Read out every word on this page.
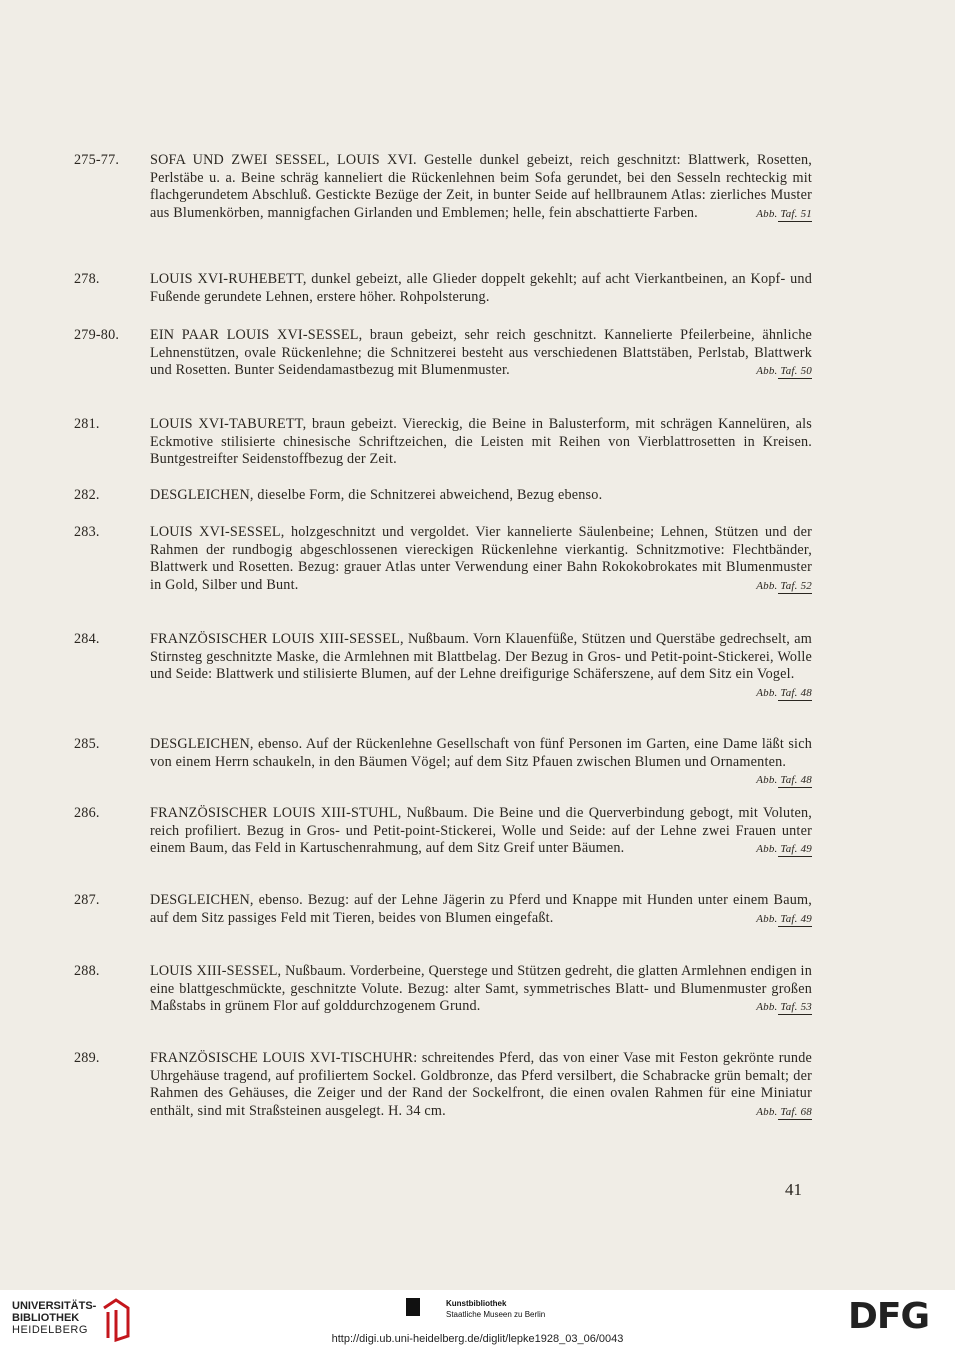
275-77. SOFA UND ZWEI SESSEL, LOUIS XVI. Gestelle dunkel gebeizt, reich geschnitzt: Blattwerk, Rosetten, Perlstäbe u. a. Beine schräg kanneliert die Rückenlehnen beim Sofa gerundet, bei den Sesseln rechteckig mit flachgerundetem Abschluß. Gestickte Bezüge der Zeit, in bunter Seide auf hellbraunem Atlas: zierliches Muster aus Blumenkörben, mannigfachen Girlanden und Emblemen; helle, fein abschattierte Farben.	Abb. Taf. 51

278.	LOUIS XVI-RUHEBETT, dunkel gebeizt, alle Glieder doppelt gekehlt; auf acht Vierkantbeinen, an Kopf- und Fußende gerundete Lehnen, erstere höher. Rohpolsterung.

279-80. EIN PAAR LOUIS XVI-SESSEL, braun gebeizt, sehr reich geschnitzt. Kannelierte Pfeilerbeine, ähnliche Lehnenstützen, ovale Rückenlehne; die Schnitzerei besteht aus verschiedenen Blattstäben, Perlstab, Blattwerk und Rosetten. Bunter Seidendamastbezug mit Blumenmuster.	Abb. Taf. 50

281.	LOUIS XVI-TABURETT, braun gebeizt. Viereckig, die Beine in Balusterform, mit schrägen Kannelüren, als Eckmotive stilisierte chinesische Schriftzeichen, die Leisten mit Reihen von Vierblattrosetten in Kreisen. Buntgestreifter Seidenstoffbezug der Zeit.

282.	DESGLEICHEN, dieselbe Form, die Schnitzerei abweichend, Bezug ebenso.

283.	LOUIS XVI-SESSEL, holzgeschnitzt und vergoldet. Vier kannelierte Säulenbeine; Lehnen, Stützen und der Rahmen der rundbogig abgeschlossenen viereckigen Rückenlehne vierkantig. Schnitzmotive: Flechtbänder, Blattwerk und Rosetten. Bezug: grauer Atlas unter Verwendung einer Bahn Rokokobrokates mit Blumenmuster in Gold, Silber und Bunt.	Abb. Taf. 52

284.	FRANZÖSISCHER LOUIS XIII-SESSEL, Nußbaum. Vorn Klauenfüße, Stützen und Querstäbe gedrechselt, am Stirnsteg geschnitzte Maske, die Armlehnen mit Blattbelag. Der Bezug in Gros- und Petit-point-Stickerei, Wolle und Seide: Blattwerk und stilisierte Blumen, auf der Lehne dreifigurige Schäferszene, auf dem Sitz ein Vogel.
Abb. Taf. 48

285.	DESGLEICHEN, ebenso. Auf der Rückenlehne Gesellschaft von fünf Personen im Garten, eine Dame läßt sich von einem Herrn schaukeln, in den Bäumen Vögel; auf dem Sitz Pfauen zwischen Blumen und Ornamenten.
Abb. Taf. 48

286.	FRANZÖSISCHER LOUIS XIII-STUHL, Nußbaum. Die Beine und die Querverbindung gebogt, mit Voluten, reich profiliert. Bezug in Gros- und Petit-point-Stickerei, Wolle und Seide: auf der Lehne zwei Frauen unter einem Baum, das Feld in Kartuschenrahmung, auf dem Sitz Greif unter Bäumen.	Abb. Taf. 49

287.	DESGLEICHEN, ebenso. Bezug: auf der Lehne Jägerin zu Pferd und Knappe mit Hunden unter einem Baum, auf dem Sitz passiges Feld mit Tieren, beides von Blumen eingefaßt.	Abb. Taf. 49

288.	LOUIS XIII-SESSEL, Nußbaum. Vorderbeine, Querstege und Stützen gedreht, die glatten Armlehnen endigen in eine blattgeschmückte, geschnitzte Volute. Bezug: alter Samt, symmetrisches Blatt- und Blumenmuster großen Maßstabs in grünem Flor auf golddurchzogenem Grund.	Abb. Taf. 53

289.	FRANZÖSISCHE LOUIS XVI-TISCHUHR: schreitendes Pferd, das von einer Vase mit Feston gekrönte runde Uhrgehäuse tragend, auf profiliertem Sockel. Goldbronze, das Pferd versilbert, die Schabracke grün bemalt; der Rahmen des Gehäuses, die Zeiger und der Rand der Sockelfront, die einen ovalen Rahmen für eine Miniatur enthält, sind mit Straßsteinen ausgelegt. H. 34 cm.	Abb. Taf. 68

41
UNIVERSITÄTS-
BIBLIOTHEK
HEIDELBERG
Kunstbibliothek
Staatliche Museen zu Berlin	DFG
http://digi.ub.uni-heidelberg.de/diglit/lepke1928_03_06/0043
